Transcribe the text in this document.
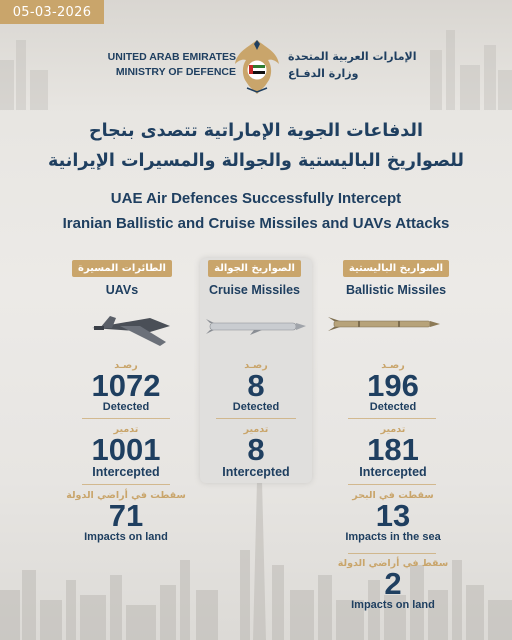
05-03-2026
UNITED ARAB EMIRATES
MINISTRY OF DEFENCE
الإمارات العربية المتحدة
وزارة الدفـاع
الدفاعات الجوية الإماراتية تتصدى بنجاح
للصواريخ الباليستية والجوالة والمسيرات الإيرانية
UAE Air Defences Successfully Intercept
Iranian Ballistic and Cruise Missiles and UAVs Attacks
الطائرات المسيرة
UAVs
الصواريخ الجوالة
Cruise Missiles
الصواريخ الباليستية
Ballistic Missiles
رصـد
1072
Detected
تدمير
1001
Intercepted
سقطت في أراضي الدولة
71
Impacts on land
رصـد
8
Detected
تدمير
8
Intercepted
رصـد
196
Detected
تدمير
181
Intercepted
سقطت في البحر
13
Impacts in the sea
سقط في أراضي الدولة
2
Impacts on land
